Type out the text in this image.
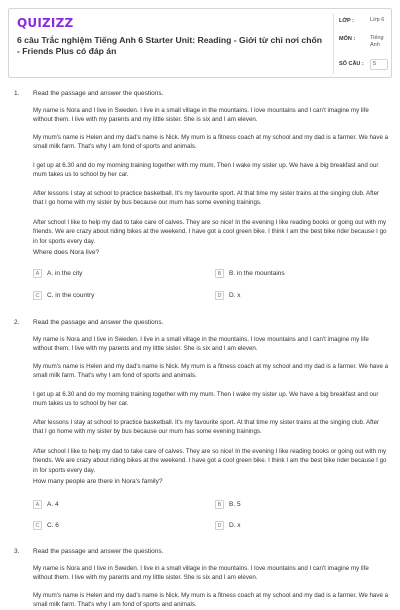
QUIZIZZ
6 câu Trắc nghiệm Tiếng Anh 6 Starter Unit: Reading - Giới từ chỉ nơi chốn - Friends Plus có đáp án
LỚP :	Lớp 6
MÔN :	Tiếng Anh
SỐ CÂU :	5
1. Read the passage and answer the questions.
My name is Nora and I live in Sweden. I live in a small village in the mountains. I love mountains and I can't imagine my life without them. I live with my parents and my little sister. She is six and I am eleven.
My mum's name is Helen and my dad's name is Nick. My mum is a fitness coach at my school and my dad is a farmer. We have a small milk farm. That's why I am fond of sports and animals.
I get up at 6.30 and do my morning training together with my mum. Then I wake my sister up. We have a big breakfast and our mum takes us to school by her car.
After lessons I stay at school to practice basketball. It's my favourite sport. At that time my sister trains at the singing club. After that I go home with my sister by bus because our mum has some evening trainings.
After school I like to help my dad to take care of calves. They are so nice! In the evening I like reading books or going out with my friends. We are crazy about riding bikes at the weekend. I have got a cool green bike. I think I am the best bike rider because I go in for sports every day.
Where does Nora live?
A	A. in the city	B	B. in the mountains
C	C. in the country	D	D. x
2. Read the passage and answer the questions.
My name is Nora and I live in Sweden. I live in a small village in the mountains. I love mountains and I can't imagine my life without them. I live with my parents and my little sister. She is six and I am eleven.
My mum's name is Helen and my dad's name is Nick. My mum is a fitness coach at my school and my dad is a farmer. We have a small milk farm. That's why I am fond of sports and animals.
I get up at 6.30 and do my morning training together with my mum. Then I wake my sister up. We have a big breakfast and our mum takes us to school by her car.
After lessons I stay at school to practice basketball. It's my favourite sport. At that time my sister trains at the singing club. After that I go home with my sister by bus because our mum has some evening trainings.
After school I like to help my dad to take care of calves. They are so nice! In the evening I like reading books or going out with my friends. We are crazy about riding bikes at the weekend. I have got a cool green bike. I think I am the best bike rider because I go in for sports every day.
How many people are there in Nora's family?
A	A. 4	B	B. 5
C	C. 6	D	D. x
3. Read the passage and answer the questions.
My name is Nora and I live in Sweden. I live in a small village in the mountains. I love mountains and I can't imagine my life without them. I live with my parents and my little sister. She is six and I am eleven.
My mum's name is Helen and my dad's name is Nick. My mum is a fitness coach at my school and my dad is a farmer. We have a small milk farm. That's why I am fond of sports and animals.
